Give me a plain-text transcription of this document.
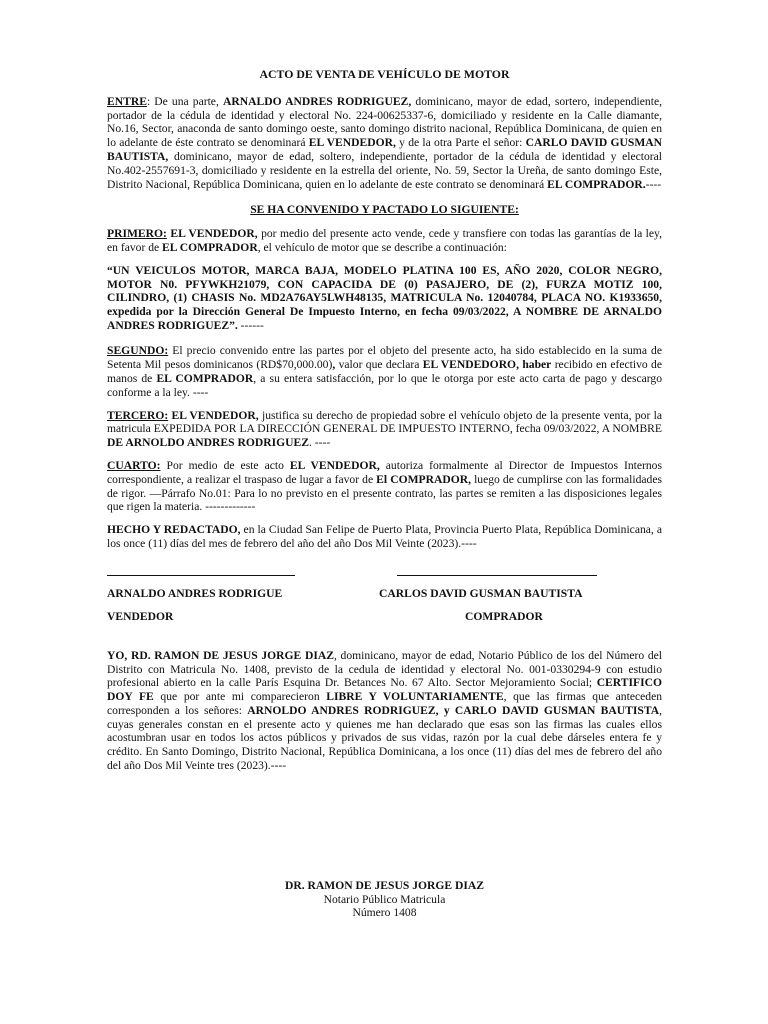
ACTO DE VENTA DE VEHÍCULO DE MOTOR

ENTRE: De una parte, ARNALDO ANDRES RODRIGUEZ, dominicano, mayor de edad, sortero, independiente, portador de la cédula de identidad y electoral No. 224-00625337-6, domiciliado y residente en la Calle diamante, No.16, Sector, anaconda de santo domingo oeste, santo domingo distrito nacional, República Dominicana, de quien en lo adelante de éste contrato se denominará EL VENDEDOR, y de la otra Parte el señor: CARLO DAVID GUSMAN BAUTISTA, dominicano, mayor de edad, soltero, independiente, portador de la cédula de identidad y electoral No.402-2557691-3, domiciliado y residente en la estrella del oriente, No. 59, Sector la Ureña, de santo domingo Este, Distrito Nacional, República Dominicana, quien en lo adelante de este contrato se denominará EL COMPRADOR.----

SE HA CONVENIDO Y PACTADO LO SIGUIENTE:

PRIMERO: EL VENDEDOR, por medio del presente acto vende, cede y transfiere con todas las garantías de la ley, en favor de EL COMPRADOR, el vehículo de motor que se describe a continuación:

“UN VEICULOS MOTOR, MARCA BAJA, MODELO PLATINA 100 ES, AÑO 2020, COLOR NEGRO, MOTOR N0. PFYWKH21079, CON CAPACIDA DE (0) PASAJERO, DE (2), FURZA MOTIZ 100, CILINDRO, (1) CHASIS No. MD2A76AY5LWH48135, MATRICULA No. 12040784, PLACA NO. K1933650, expedida por la Dirección General De Impuesto Interno, en fecha 09/03/2022, A NOMBRE DE ARNALDO ANDRES RODRIGUEZ”. ------

SEGUNDO: El precio convenido entre las partes por el objeto del presente acto, ha sido establecido en la suma de Setenta Mil pesos dominicanos (RD$70,000.00), valor que declara EL VENDEDORO, haber recibido en efectivo de manos de EL COMPRADOR, a su entera satisfacción, por lo que le otorga por este acto carta de pago y descargo conforme a la ley. ----

TERCERO: EL VENDEDOR, justifica su derecho de propiedad sobre el vehículo objeto de la presente venta, por la matricula EXPEDIDA POR LA DIRECCIÓN GENERAL DE IMPUESTO INTERNO, fecha 09/03/2022, A NOMBRE DE ARNOLDO ANDRES RODRIGUEZ. ----

CUARTO: Por medio de este acto EL VENDEDOR, autoriza formalmente al Director de Impuestos Internos correspondiente, a realizar el traspaso de lugar a favor de El COMPRADOR, luego de cumplirse con las formalidades de rigor. —Párrafo No.01: Para lo no previsto en el presente contrato, las partes se remiten a las disposiciones legales que rigen la materia. -------------

HECHO Y REDACTADO, en la Ciudad San Felipe de Puerto Plata, Provincia Puerto Plata, República Dominicana, a los once (11) días del mes de febrero del año del año Dos Mil Veinte (2023).----

ARNALDO ANDRES RODRIGUE	CARLOS DAVID GUSMAN BAUTISTA
VENDEDOR	COMPRADOR

YO, RD. RAMON DE JESUS JORGE DIAZ, dominicano, mayor de edad, Notario Público de los del Número del Distrito con Matricula No. 1408, previsto de la cedula de identidad y electoral No. 001-0330294-9 con estudio profesional abierto en la calle París Esquina Dr. Betances No. 67 Alto. Sector Mejoramiento Social; CERTIFICO DOY FE que por ante mi comparecieron LIBRE Y VOLUNTARIAMENTE, que las firmas que anteceden corresponden a los señores: ARNOLDO ANDRES RODRIGUEZ, y CARLO DAVID GUSMAN BAUTISTA, cuyas generales constan en el presente acto y quienes me han declarado que esas son las firmas las cuales ellos acostumbran usar en todos los actos públicos y privados de sus vidas, razón por la cual debe dárseles entera fe y crédito. En Santo Domingo, Distrito Nacional, República Dominicana, a los once (11) días del mes de febrero del año del año Dos Mil Veinte tres (2023).----

DR. RAMON DE JESUS JORGE DIAZ
Notario Público Matricula
Número 1408
